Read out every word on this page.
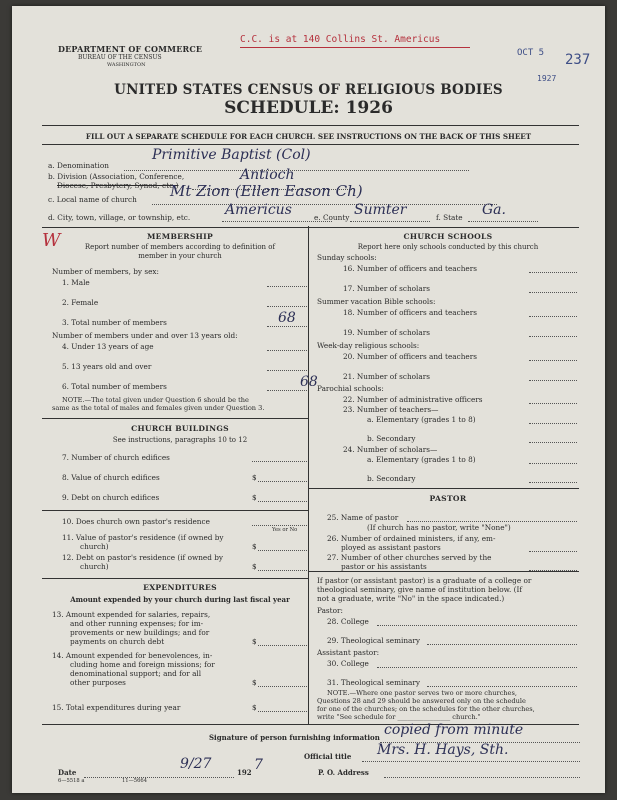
DEPARTMENT OF COMMERCE
BUREAU OF THE CENSUS
WASHINGTON
C.C. is at 140 Collins St. Americus
OCT 5
1927
237
UNITED STATES CENSUS OF RELIGIOUS BODIES
SCHEDULE: 1926
FILL OUT A SEPARATE SCHEDULE FOR EACH CHURCH. SEE INSTRUCTIONS ON THE BACK OF THIS SHEET
a. Denomination
Primitive Baptist (Col)
b. Division (Association, Conference,
Diocese, Presbytery, Synod, etc.)
Antioch
c. Local name of church Mt Zion (Ellen Eason Ch)
d. City, town, village, or township, etc. Americus	e. County Sumter	f. State Ga.
W	MEMBERSHIP
Report number of members according to definition of
member in your church
Number of members, by sex:
1. Male
2. Female
3. Total number of members	68
Number of members under and over 13 years old:
4. Under 13 years of age
5. 13 years old and over
6. Total number of members	68
NOTE.—The total given under Question 6 should be the
same as the total of males and females given under Question 3.
CHURCH BUILDINGS
See instructions, paragraphs 10 to 12
7. Number of church edifices
8. Value of church edifices	$
9. Debt on church edifices	$
10. Does church own pastor's residence
Yes or No
11. Value of pastor's residence (if owned by
church)	$
12. Debt on pastor's residence (if owned by
church)	$
EXPENDITURES
Amount expended by your church during last fiscal year
13. Amount expended for salaries, repairs,
and other running expenses; for im-
provements or new buildings; and for
payments on church debt	$
14. Amount expended for benevolences, in-
cluding home and foreign missions; for
denominational support; and for all
other purposes	$
15. Total expenditures during year	$
CHURCH SCHOOLS
Report here only schools conducted by this church
Sunday schools:
16. Number of officers and teachers
17. Number of scholars
Summer vacation Bible schools:
18. Number of officers and teachers
19. Number of scholars
Week-day religious schools:
20. Number of officers and teachers
21. Number of scholars
Parochial schools:
22. Number of administrative officers
23. Number of teachers—
a. Elementary (grades 1 to 8)
b. Secondary
24. Number of scholars—
a. Elementary (grades 1 to 8)
b. Secondary
PASTOR
25. Name of pastor
(If church has no pastor, write "None")
26. Number of ordained ministers, if any, em-
ployed as assistant pastors
27. Number of other churches served by the
pastor or his assistants
If pastor (or assistant pastor) is a graduate of a college or
theological seminary, give name of institution below. (If
not a graduate, write "No" in the space indicated.)
Pastor:
28. College
29. Theological seminary
Assistant pastor:
30. College
31. Theological seminary
NOTE.—Where one pastor serves two or more churches,
Questions 28 and 29 should be answered only on the schedule
for one of the churches; on the schedules for the other churches,
write "See schedule for ________________ church."
Signature of person furnishing information copied from minute
Official title Mrs. H. Hays, Sth.
Date
9/27
192 7	P. O. Address
6—5518 a	11—5664
